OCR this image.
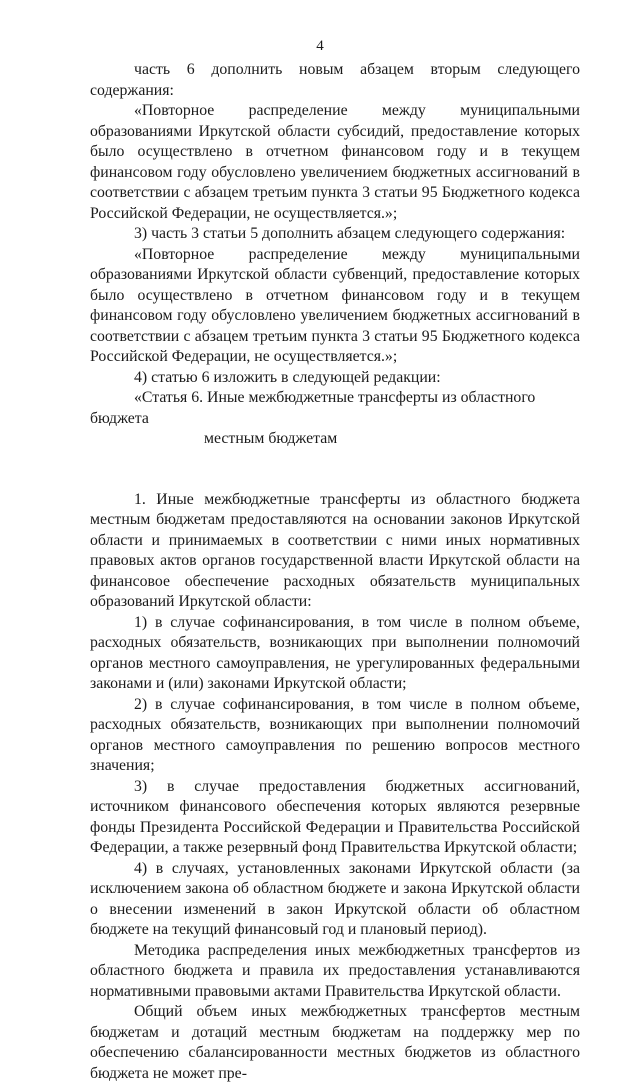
4

часть 6 дополнить новым абзацем вторым следующего содержания:

«Повторное распределение между муниципальными образованиями Иркутской области субсидий, предоставление которых было осуществлено в отчетном финансовом году и в текущем финансовом году обусловлено увеличением бюджетных ассигнований в соответствии с абзацем третьим пункта 3 статьи 95 Бюджетного кодекса Российской Федерации, не осуществляется.»;

3) часть 3 статьи 5 дополнить абзацем следующего содержания:

«Повторное распределение между муниципальными образованиями Иркутской области субвенций, предоставление которых было осуществлено в отчетном финансовом году и в текущем финансовом году обусловлено увеличением бюджетных ассигнований в соответствии с абзацем третьим пункта 3 статьи 95 Бюджетного кодекса Российской Федерации, не осуществляется.»;

4) статью 6 изложить в следующей редакции:

«Статья 6. Иные межбюджетные трансферты из областного бюджета
местным бюджетам

1. Иные межбюджетные трансферты из областного бюджета местным бюджетам предоставляются на основании законов Иркутской области и принимаемых в соответствии с ними иных нормативных правовых актов органов государственной власти Иркутской области на финансовое обеспечение расходных обязательств муниципальных образований Иркутской области:

1) в случае софинансирования, в том числе в полном объеме, расходных обязательств, возникающих при выполнении полномочий органов местного самоуправления, не урегулированных федеральными законами и (или) законами Иркутской области;

2) в случае софинансирования, в том числе в полном объеме, расходных обязательств, возникающих при выполнении полномочий органов местного самоуправления по решению вопросов местного значения;

3) в случае предоставления бюджетных ассигнований, источником финансового обеспечения которых являются резервные фонды Президента Российской Федерации и Правительства Российской Федерации, а также резервный фонд Правительства Иркутской области;

4) в случаях, установленных законами Иркутской области (за исключением закона об областном бюджете и закона Иркутской области о внесении изменений в закон Иркутской области об областном бюджете на текущий финансовый год и плановый период).

Методика распределения иных межбюджетных трансфертов из областного бюджета и правила их предоставления устанавливаются нормативными правовыми актами Правительства Иркутской области.

Общий объем иных межбюджетных трансфертов местным бюджетам и дотаций местным бюджетам на поддержку мер по обеспечению сбалансированности местных бюджетов из областного бюджета не может пре-
